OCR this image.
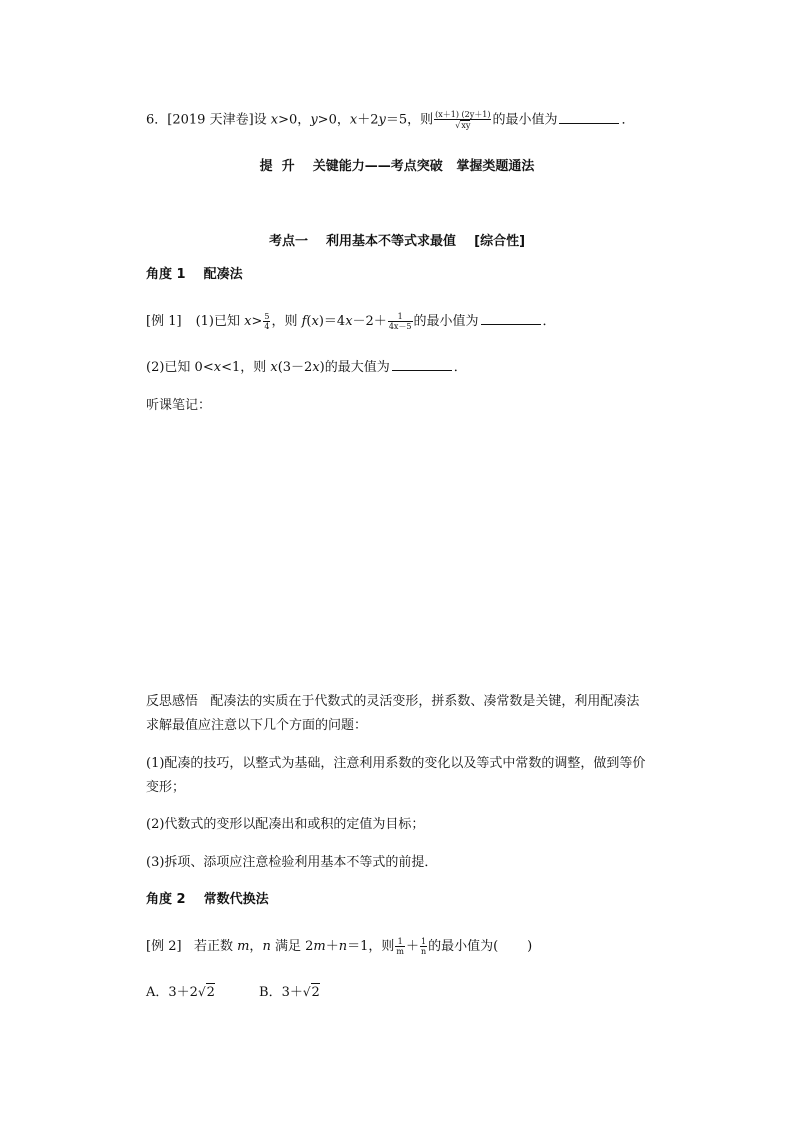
6．[2019 天津卷]设 x>0，y>0，x＋2y＝5，则 $\frac{(x+1) (2y+1)}{√xy}$ 的最小值为	．
提  升    关键能力——考点突破   掌握类题通法
考点一    利用基本不等式求最值    [综合性]
角度 1    配凑法
[例 1] (1)已知 $x> \frac{5}{4}$ ，则 $f(x)=4x-2+ \frac{1}{4x-5}$ 的最小值为	．
(2)已知 0<x<1，则 x(3－2x)的最大值为	．
听课笔记：
反思感悟   配凑法的实质在于代数式的灵活变形，拼系数、凑常数是关键，利用配凑法
求解最值应注意以下几个方面的问题：
(1)配凑的技巧，以整式为基础，注意利用系数的变化以及等式中常数的调整，做到等价
变形；
(2)代数式的变形以配凑出和或积的定值为目标；
(3)拆项、添项应注意检验利用基本不等式的前提．
角度 2    常数代换法
[例 2]   若正数 m，n 满足 2m＋n＝1，则 $\frac{1}{m} + \frac{1}{n}$ 的最小值为(       )
A．3＋2√2	B．3＋√2
